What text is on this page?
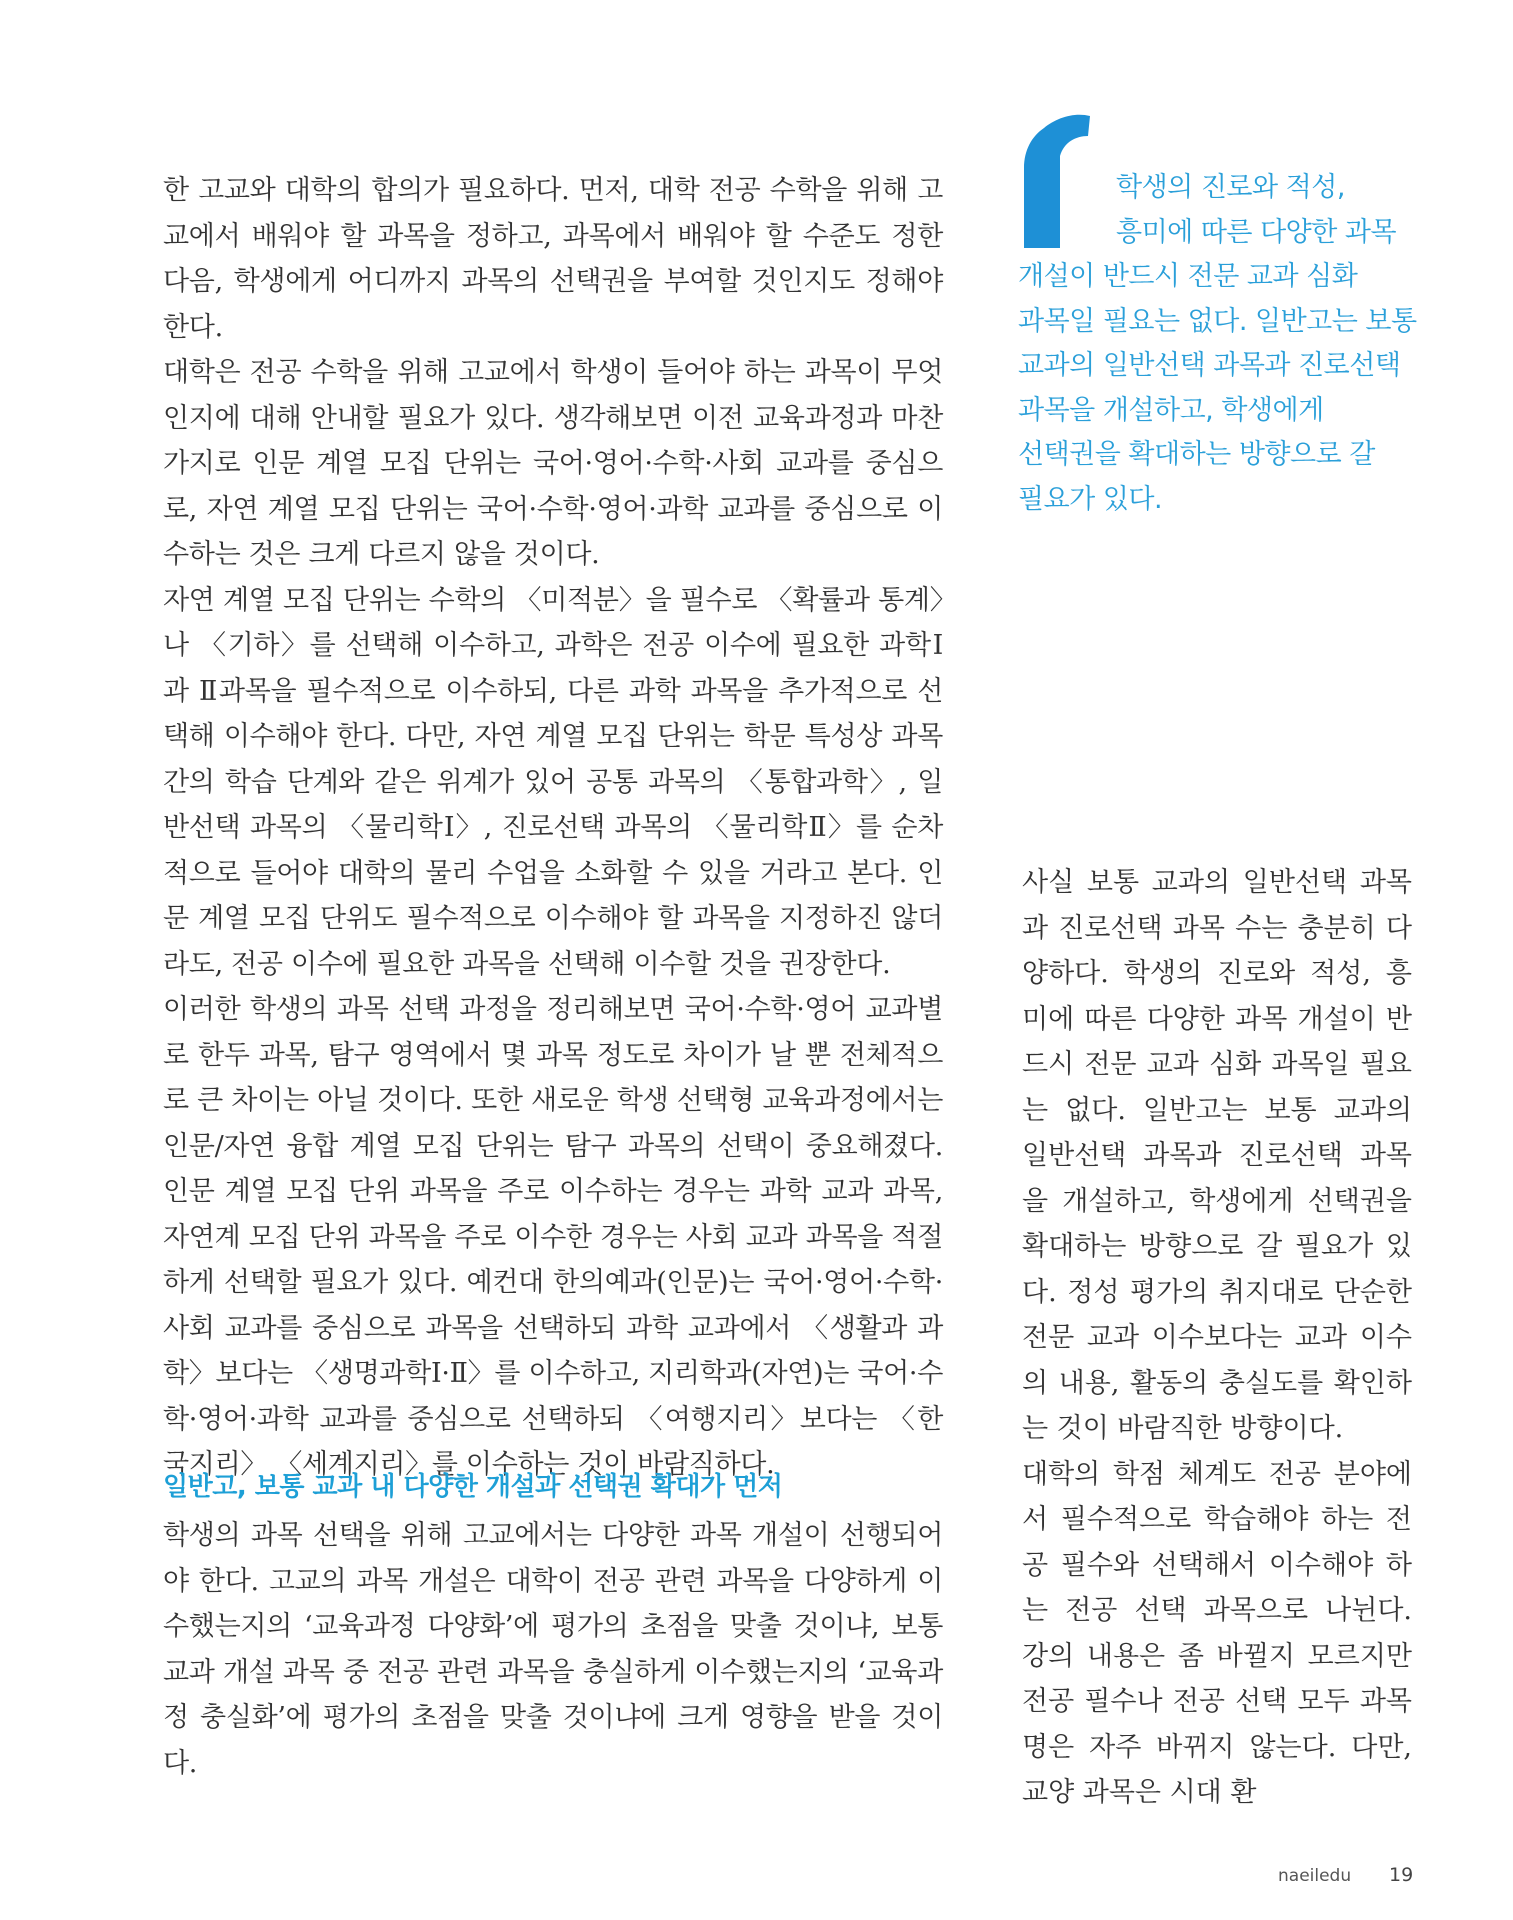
한 고교와 대학의 합의가 필요하다. 먼저, 대학 전공 수학을 위해 고교에서 배워야 할 과목을 정하고, 과목에서 배워야 할 수준도 정한 다음, 학생에게 어디까지 과목의 선택권을 부여할 것인지도 정해야 한다.

대학은 전공 수학을 위해 고교에서 학생이 들어야 하는 과목이 무엇인지에 대해 안내할 필요가 있다. 생각해보면 이전 교육과정과 마찬가지로 인문 계열 모집 단위는 국어·영어·수학·사회 교과를 중심으로, 자연 계열 모집 단위는 국어·수학·영어·과학 교과를 중심으로 이수하는 것은 크게 다르지 않을 것이다.

자연 계열 모집 단위는 수학의 〈미적분〉을 필수로 〈확률과 통계〉나 〈기하〉를 선택해 이수하고, 과학은 전공 이수에 필요한 과학Ⅰ과 Ⅱ과목을 필수적으로 이수하되, 다른 과학 과목을 추가적으로 선택해 이수해야 한다. 다만, 자연 계열 모집 단위는 학문 특성상 과목 간의 학습 단계와 같은 위계가 있어 공통 과목의 〈통합과학〉, 일반선택 과목의 〈물리학Ⅰ〉, 진로선택 과목의 〈물리학Ⅱ〉를 순차적으로 들어야 대학의 물리 수업을 소화할 수 있을 거라고 본다. 인문 계열 모집 단위도 필수적으로 이수해야 할 과목을 지정하진 않더라도, 전공 이수에 필요한 과목을 선택해 이수할 것을 권장한다.

이러한 학생의 과목 선택 과정을 정리해보면 국어·수학·영어 교과별로 한두 과목, 탐구 영역에서 몇 과목 정도로 차이가 날 뿐 전체적으로 큰 차이는 아닐 것이다. 또한 새로운 학생 선택형 교육과정에서는 인문/자연 융합 계열 모집 단위는 탐구 과목의 선택이 중요해졌다. 인문 계열 모집 단위 과목을 주로 이수하는 경우는 과학 교과 과목, 자연계 모집 단위 과목을 주로 이수한 경우는 사회 교과 과목을 적절하게 선택할 필요가 있다. 예컨대 한의예과(인문)는 국어·영어·수학·사회 교과를 중심으로 과목을 선택하되 과학 교과에서 〈생활과 과학〉보다는 〈생명과학Ⅰ·Ⅱ〉를 이수하고, 지리학과(자연)는 국어·수학·영어·과학 교과를 중심으로 선택하되 〈여행지리〉보다는 〈한국지리〉 〈세계지리〉를 이수하는 것이 바람직하다.

일반고, 보통 교과 내 다양한 개설과 선택권 확대가 먼저

학생의 과목 선택을 위해 고교에서는 다양한 과목 개설이 선행되어야 한다. 고교의 과목 개설은 대학이 전공 관련 과목을 다양하게 이수했는지의 ‘교육과정 다양화’에 평가의 초점을 맞출 것이냐, 보통 교과 개설 과목 중 전공 관련 과목을 충실하게 이수했는지의 ‘교육과정 충실화’에 평가의 초점을 맞출 것이냐에 크게 영향을 받을 것이다.

학생의 진로와 적성,
흥미에 따른 다양한 과목
개설이 반드시 전문 교과 심화
과목일 필요는 없다. 일반고는 보통
교과의 일반선택 과목과 진로선택
과목을 개설하고, 학생에게
선택권을 확대하는 방향으로 갈
필요가 있다.

사실 보통 교과의 일반선택 과목과 진로선택 과목 수는 충분히 다양하다. 학생의 진로와 적성, 흥미에 따른 다양한 과목 개설이 반드시 전문 교과 심화 과목일 필요는 없다. 일반고는 보통 교과의 일반선택 과목과 진로선택 과목을 개설하고, 학생에게 선택권을 확대하는 방향으로 갈 필요가 있다. 정성 평가의 취지대로 단순한 전문 교과 이수보다는 교과 이수의 내용, 활동의 충실도를 확인하는 것이 바람직한 방향이다.

대학의 학점 체계도 전공 분야에서 필수적으로 학습해야 하는 전공 필수와 선택해서 이수해야 하는 전공 선택 과목으로 나뉜다. 강의 내용은 좀 바뀔지 모르지만 전공 필수나 전공 선택 모두 과목명은 자주 바뀌지 않는다. 다만, 교양 과목은 시대 환

naeiledu 19
